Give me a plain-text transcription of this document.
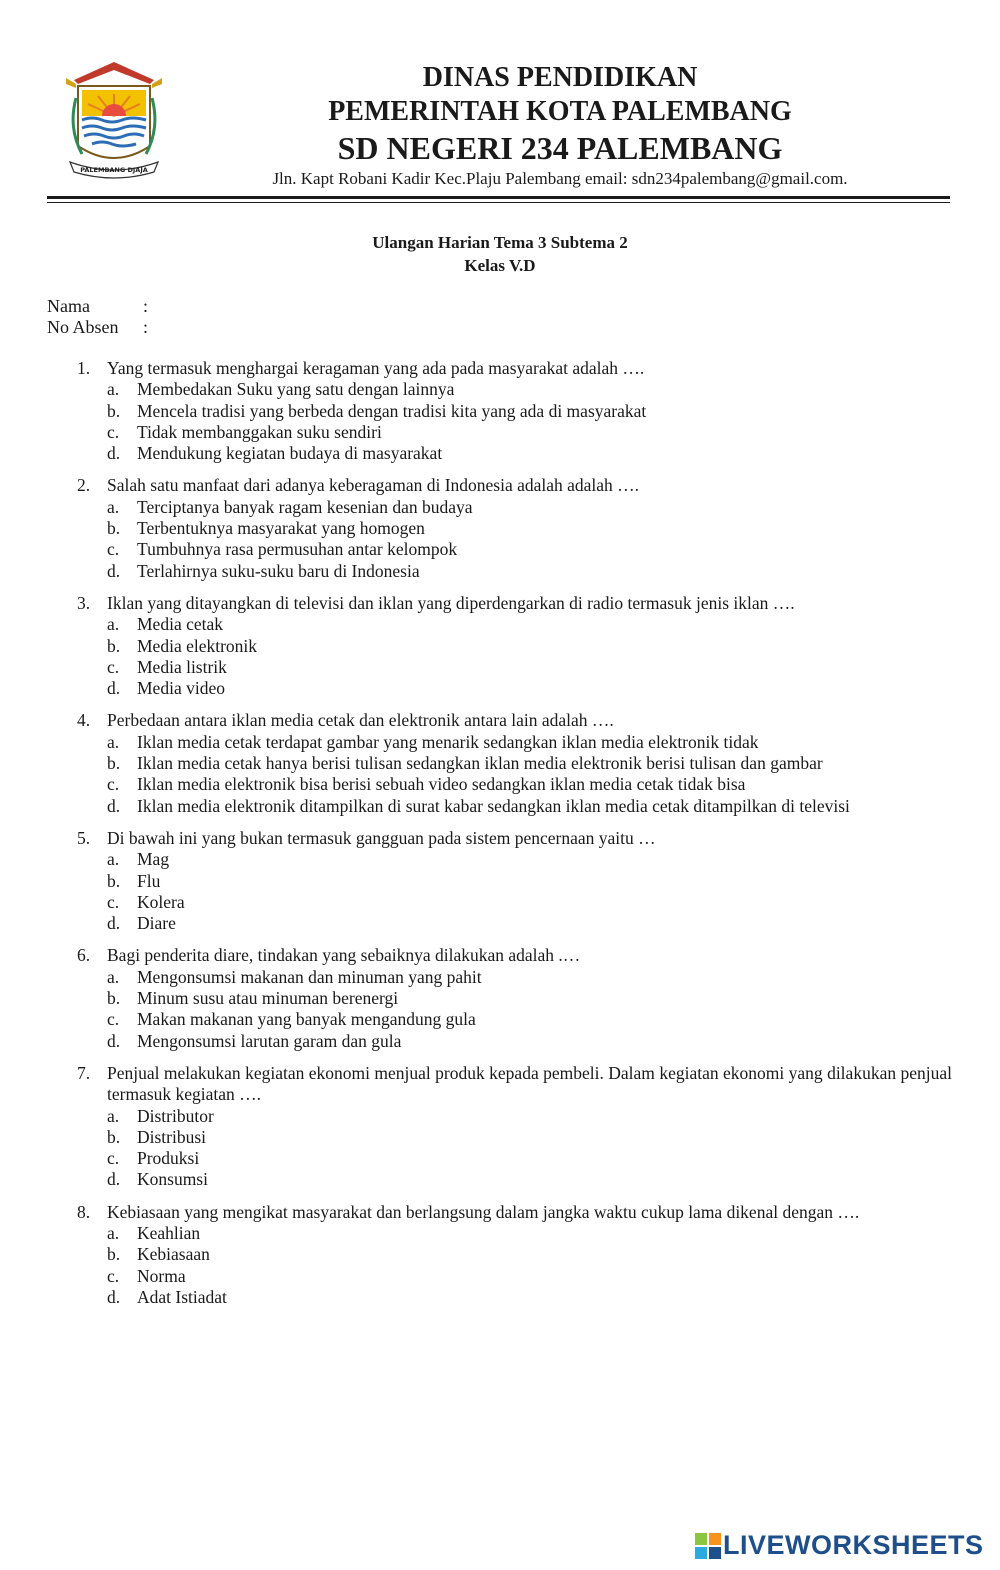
PALEMBANG DJAJA
DINAS PENDIDIKAN
PEMERINTAH KOTA PALEMBANG
SD NEGERI 234 PALEMBANG
Jln. Kapt Robani Kadir Kec.Plaju Palembang email: sdn234palembang@gmail.com.
Ulangan Harian Tema 3 Subtema 2
Kelas V.D
Nama	:
No Absen :
1. Yang termasuk menghargai keragaman yang ada pada masyarakat adalah ….
a.	Membedakan Suku yang satu dengan lainnya
b. Mencela tradisi yang berbeda dengan tradisi kita yang ada di masyarakat
c.	Tidak membanggakan suku sendiri
d. Mendukung kegiatan budaya di masyarakat
2. Salah satu manfaat dari adanya keberagaman di Indonesia adalah adalah ….
a.	Terciptanya banyak ragam kesenian dan budaya
b. Terbentuknya masyarakat yang homogen
c.	Tumbuhnya rasa permusuhan antar kelompok
d. Terlahirnya suku-suku baru di Indonesia
3. Iklan yang ditayangkan di televisi dan iklan yang diperdengarkan di radio termasuk jenis iklan ….
a.	Media cetak
b. Media elektronik
c.	Media listrik
d. Media video
4. Perbedaan antara iklan media cetak dan elektronik antara lain adalah ….
a.	Iklan media cetak terdapat gambar yang menarik sedangkan iklan media elektronik tidak
b. Iklan media cetak hanya berisi tulisan sedangkan iklan media elektronik berisi tulisan dan gambar
c.	Iklan media elektronik bisa berisi sebuah video sedangkan iklan media cetak tidak bisa
d. Iklan media elektronik ditampilkan di surat kabar sedangkan iklan media cetak ditampilkan di televisi
5. Di bawah ini yang bukan termasuk gangguan pada sistem pencernaan yaitu …
a.	Mag
b. Flu
c.	Kolera
d. Diare
6. Bagi penderita diare, tindakan yang sebaiknya dilakukan adalah .…
a.	Mengonsumsi makanan dan minuman yang pahit
b. Minum susu atau minuman berenergi
c.	Makan makanan yang banyak mengandung gula
d. Mengonsumsi larutan garam dan gula
7. Penjual melakukan kegiatan ekonomi menjual produk kepada pembeli. Dalam kegiatan ekonomi yang dilakukan penjual termasuk kegiatan ….
a.	Distributor
b. Distribusi
c.	Produksi
d. Konsumsi
8. Kebiasaan yang mengikat masyarakat dan berlangsung dalam jangka waktu cukup lama dikenal dengan ….
a.	Keahlian
b. Kebiasaan
c.	Norma
d. Adat Istiadat
LIVEWORKSHEETS
